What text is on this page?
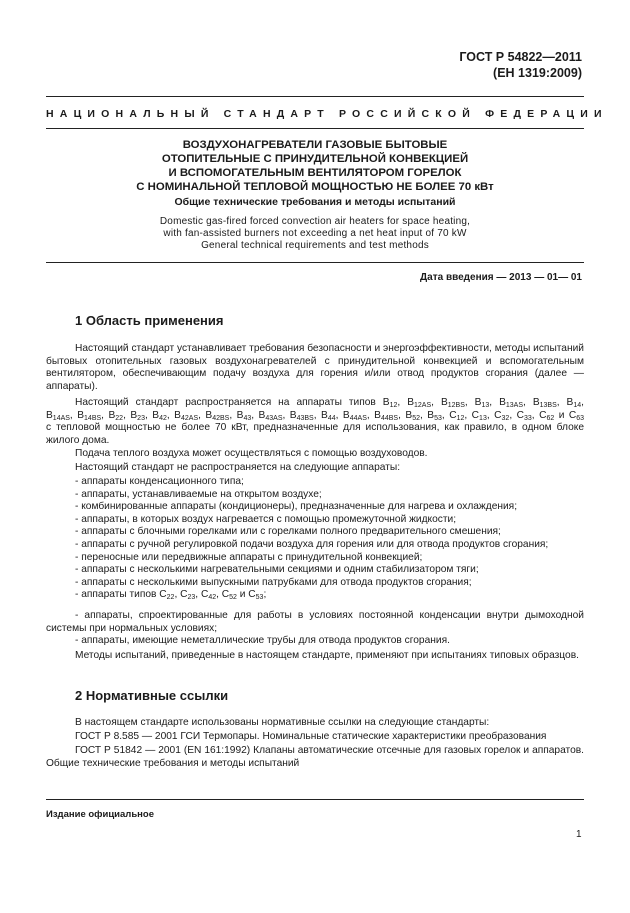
ГОСТ Р 54822—2011
(ЕН 1319:2009)
НАЦИОНАЛЬНЫЙ СТАНДАРТ РОССИЙСКОЙ ФЕДЕРАЦИИ
ВОЗДУХОНАГРЕВАТЕЛИ ГАЗОВЫЕ БЫТОВЫЕ
ОТОПИТЕЛЬНЫЕ С ПРИНУДИТЕЛЬНОЙ КОНВЕКЦИЕЙ
И ВСПОМОГАТЕЛЬНЫМ ВЕНТИЛЯТОРОМ ГОРЕЛОК
С НОМИНАЛЬНОЙ ТЕПЛОВОЙ МОЩНОСТЬЮ НЕ БОЛЕЕ 70 кВт
Общие технические требования и методы испытаний
Domestic gas-fired forced convection air heaters for space heating,
with fan-assisted burners not exceeding a net heat input of 70 kW
General technical requirements and test methods
Дата введения — 2013 — 01— 01
1 Область применения
Настоящий стандарт устанавливает требования безопасности и энергоэффективности, методы испытаний бытовых отопительных газовых воздухонагревателей с принудительной конвекцией и вспомогательным вентилятором, обеспечивающим подачу воздуха для горения и/или отвод продуктов сгорания (далее — аппараты).
Настоящий стандарт распространяется на аппараты типов $В_{12}$, $В_{12АS}$, $В_{12BS}$, $В_{13}$, $В_{13AS}$, $В_{13BS}$, $В_{14}$,
$В_{14AS}$, $В_{14BS}$, $В_{22}$, $В_{23}$, $В_{42}$, $В_{42AS}$, $В_{42BS}$, $В_{43}$, $В_{43AS}$, $В_{43BS}$, $В_{44}$, $В_{44AS}$, $В_{44BS}$, $В_{52}$, $В_{53}$, $С_{12}$, $С_{13}$, $С_{32}$, $С_{33}$, $С_{62}$ и $С_{63}$
с тепловой мощностью не более 70 кВт, предназначенные для использования, как правило, в одном блоке жилого дома.
Подача теплого воздуха может осуществляться с помощью воздуховодов.
Настоящий стандарт не распространяется на следующие аппараты:
- аппараты конденсационного типа;
- аппараты, устанавливаемые на открытом воздухе;
- комбинированные аппараты (кондиционеры), предназначенные для нагрева и охлаждения;
- аппараты, в которых воздух нагревается с помощью промежуточной жидкости;
- аппараты с блочными горелками или с горелками полного предварительного смешения;
- аппараты с ручной регулировкой подачи воздуха для горения или для отвода продуктов сгорания;
- переносные или передвижные аппараты с принудительной конвекцией;
- аппараты с несколькими нагревательными секциями и одним стабилизатором тяги;
- аппараты с несколькими выпускными патрубками для отвода продуктов сгорания;
- аппараты типов $С_{22}$, $С_{23}$, $С_{42}$, $С_{52}$ и $С_{53}$;
- аппараты, спроектированные для работы в условиях постоянной конденсации внутри дымоходной системы при нормальных условиях;
- аппараты, имеющие неметаллические трубы для отвода продуктов сгорания.
Методы испытаний, приведенные в настоящем стандарте, применяют при испытаниях типовых образцов.
2 Нормативные ссылки
В настоящем стандарте использованы нормативные ссылки на следующие стандарты:
ГОСТ Р 8.585 — 2001 ГСИ Термопары. Номинальные статические характеристики преобразования
ГОСТ Р 51842 — 2001 (ЕN 161:1992) Клапаны автоматические отсечные для газовых горелок и аппаратов. Общие технические требования и методы испытаний
Издание официальное
1
